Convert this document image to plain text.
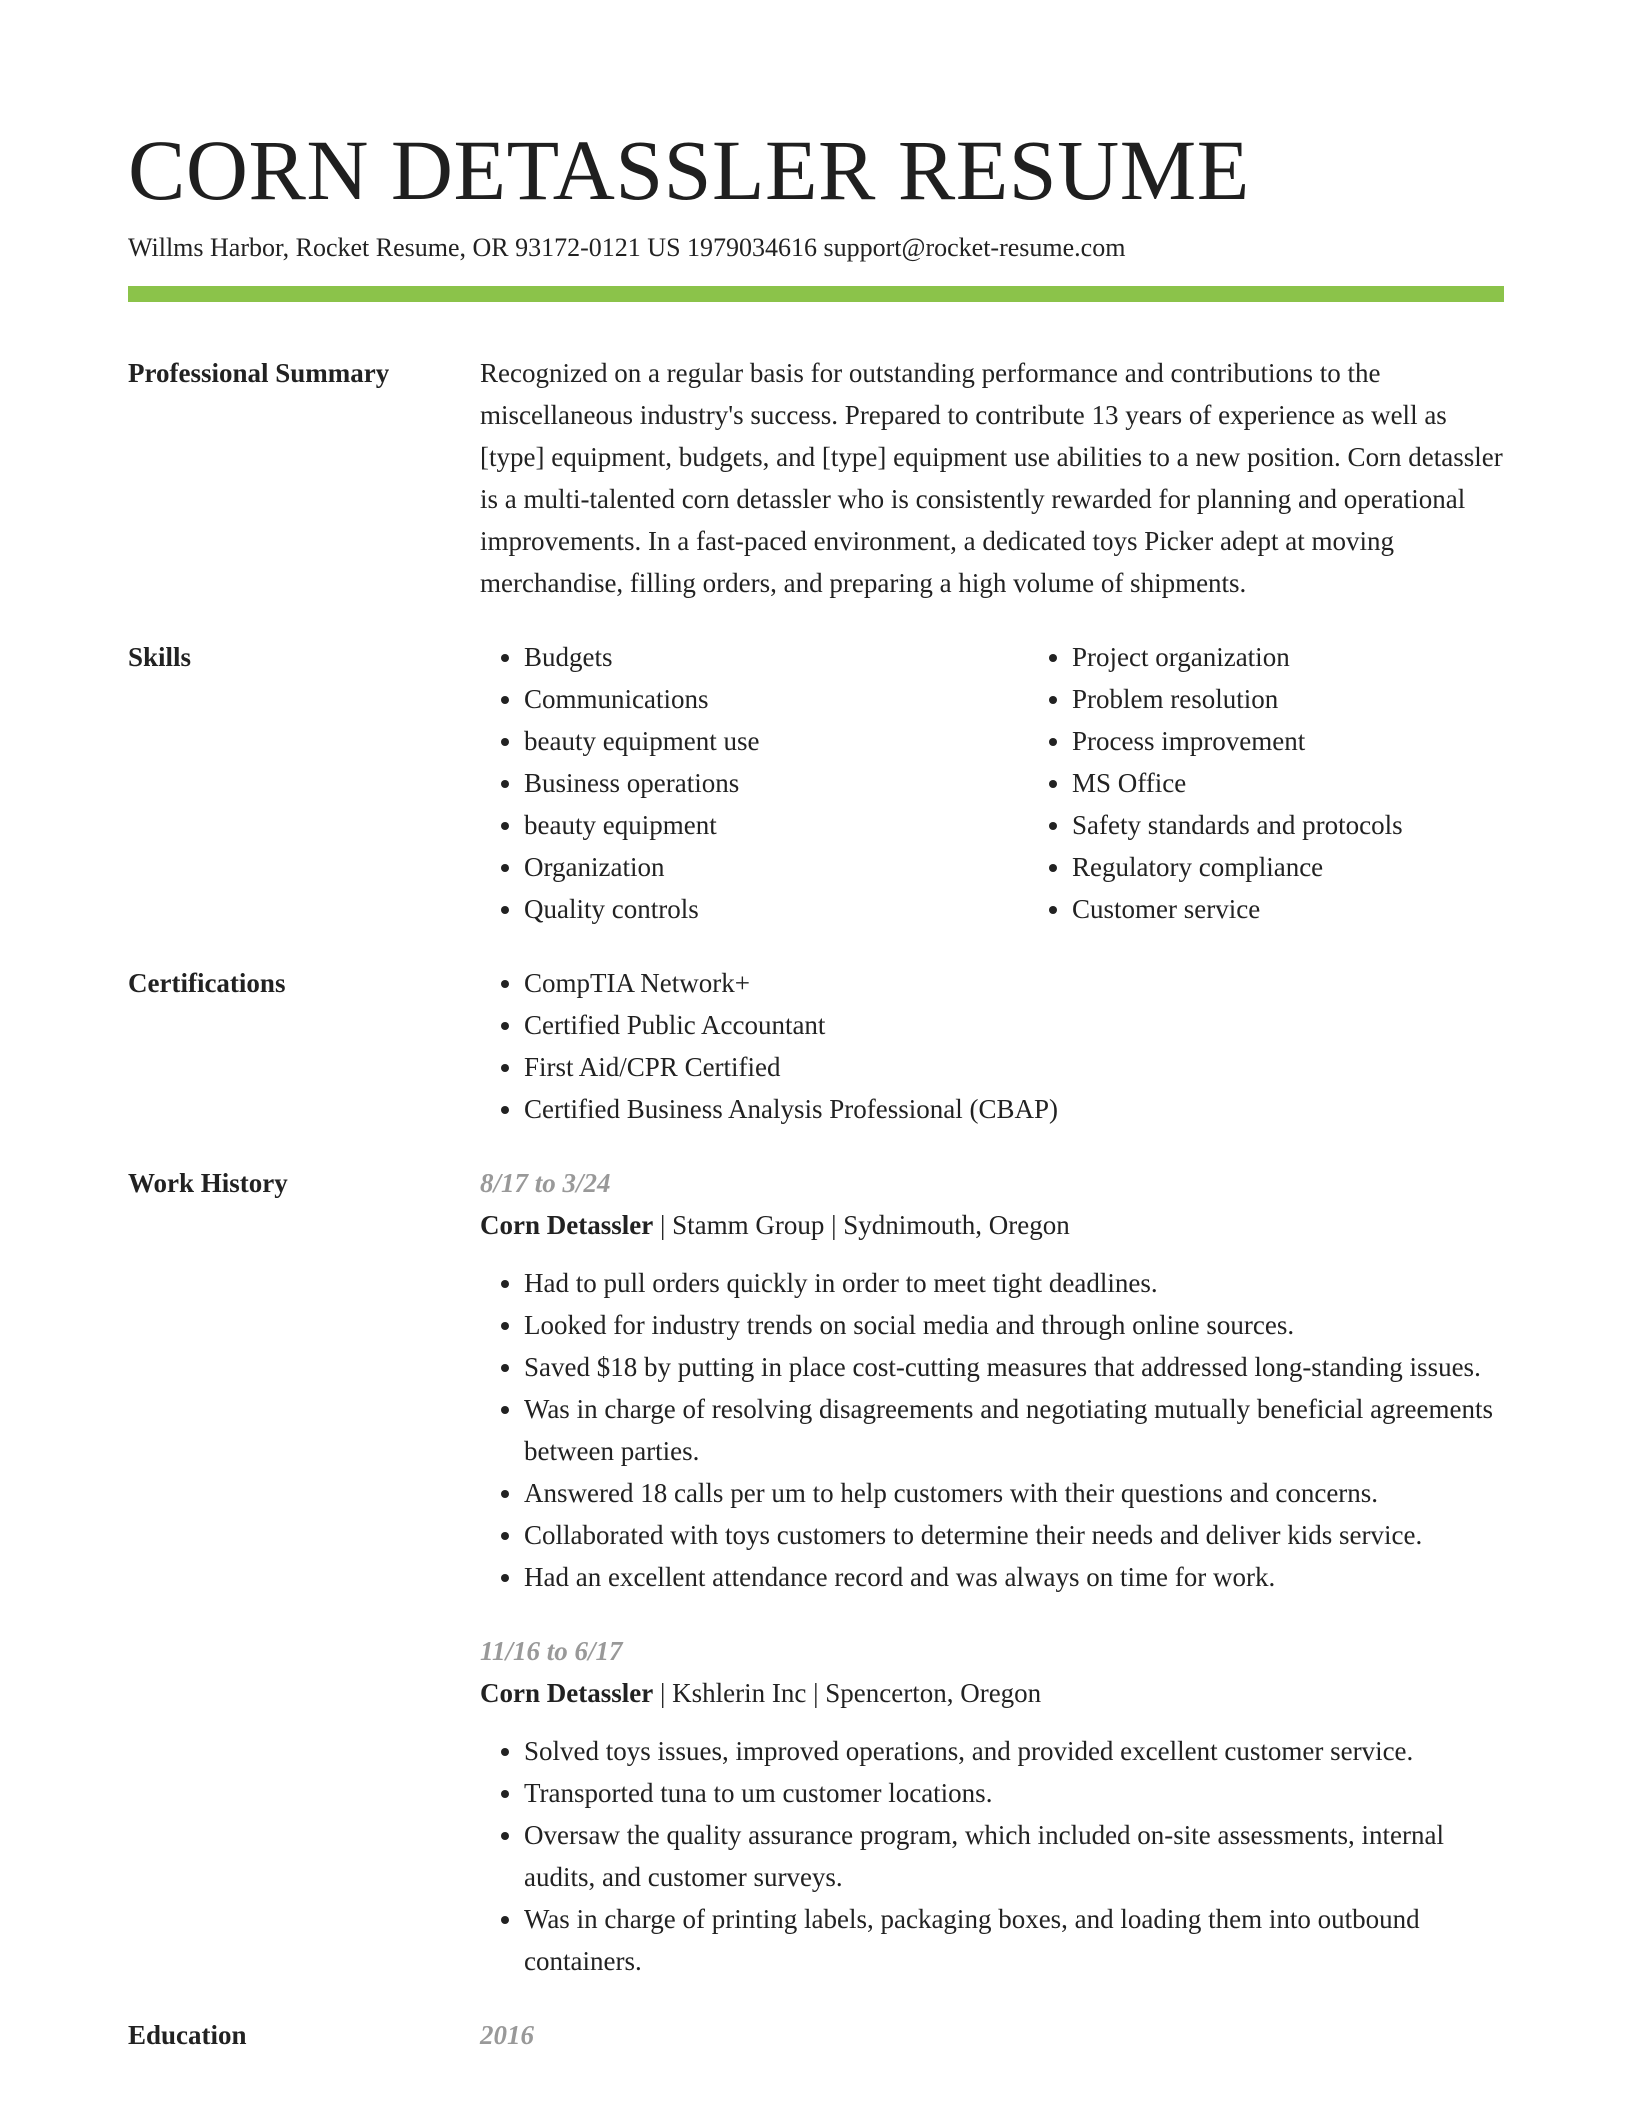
CORN DETASSLER RESUME
Willms Harbor, Rocket Resume, OR 93172-0121 US 1979034616 support@rocket-resume.com
Professional Summary	Recognized on a regular basis for outstanding performance and contributions to the miscellaneous industry's success. Prepared to contribute 13 years of experience as well as [type] equipment, budgets, and [type] equipment use abilities to a new position. Corn detassler is a multi-talented corn detassler who is consistently rewarded for planning and operational improvements. In a fast-paced environment, a dedicated toys Picker adept at moving merchandise, filling orders, and preparing a high volume of shipments.
Skills	• Budgets
• Communications
• beauty equipment use
• Business operations
• beauty equipment
• Organization
• Quality controls
• Project organization
• Problem resolution
• Process improvement
• MS Office
• Safety standards and protocols
• Regulatory compliance
• Customer service
Certifications	• CompTIA Network+
• Certified Public Accountant
• First Aid/CPR Certified
• Certified Business Analysis Professional (CBAP)
Work History	8/17 to 3/24
Corn Detassler | Stamm Group | Sydnimouth, Oregon
• Had to pull orders quickly in order to meet tight deadlines.
• Looked for industry trends on social media and through online sources.
• Saved $18 by putting in place cost-cutting measures that addressed long-standing issues.
• Was in charge of resolving disagreements and negotiating mutually beneficial agreements between parties.
• Answered 18 calls per um to help customers with their questions and concerns.
• Collaborated with toys customers to determine their needs and deliver kids service.
• Had an excellent attendance record and was always on time for work.
11/16 to 6/17
Corn Detassler | Kshlerin Inc | Spencerton, Oregon
• Solved toys issues, improved operations, and provided excellent customer service.
• Transported tuna to um customer locations.
• Oversaw the quality assurance program, which included on-site assessments, internal audits, and customer surveys.
• Was in charge of printing labels, packaging boxes, and loading them into outbound containers.
Education	2016
